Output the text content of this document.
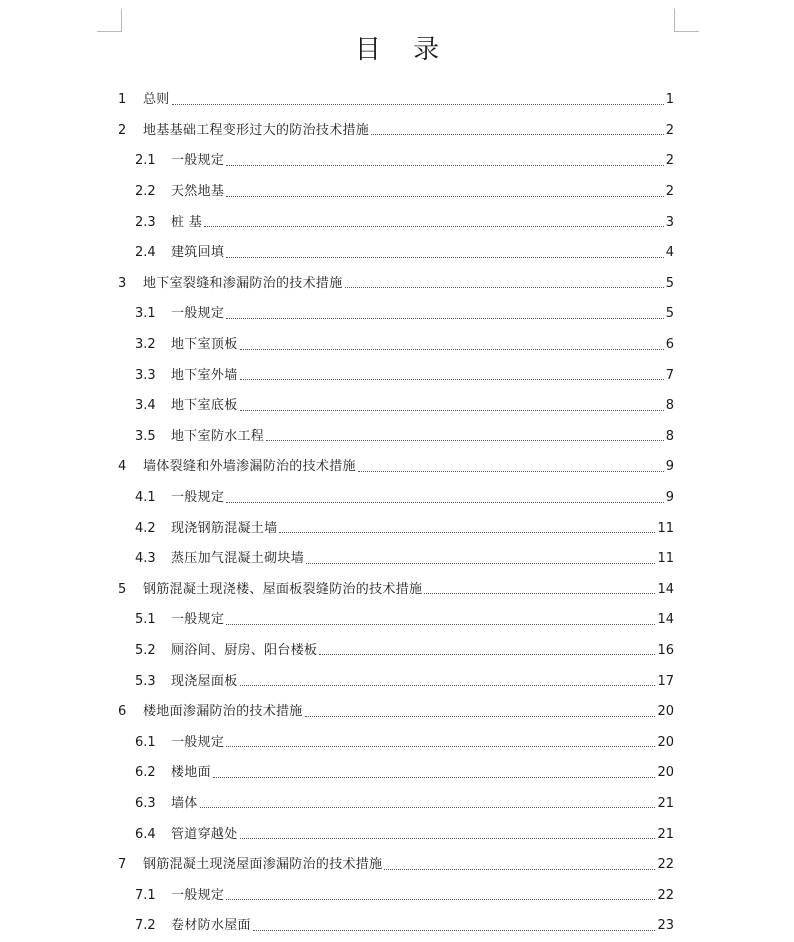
目 录
1	总则	1
2	地基基础工程变形过大的防治技术措施	2
2.1	一般规定	2
2.2	天然地基	2
2.3	桩 基	3
2.4	建筑回填	4
3	地下室裂缝和渗漏防治的技术措施	5
3.1	一般规定	5
3.2	地下室顶板	6
3.3	地下室外墙	7
3.4	地下室底板	8
3.5	地下室防水工程	8
4	墙体裂缝和外墙渗漏防治的技术措施	9
4.1	一般规定	9
4.2	现浇钢筋混凝土墙	11
4.3	蒸压加气混凝土砌块墙	11
5	钢筋混凝土现浇楼、屋面板裂缝防治的技术措施	14
5.1	一般规定	14
5.2	厕浴间、厨房、阳台楼板	16
5.3	现浇屋面板	17
6	楼地面渗漏防治的技术措施	20
6.1	一般规定	20
6.2	楼地面	20
6.3	墙体	21
6.4	管道穿越处	21
7	钢筋混凝土现浇屋面渗漏防治的技术措施	22
7.1	一般规定	22
7.2	卷材防水屋面	23
